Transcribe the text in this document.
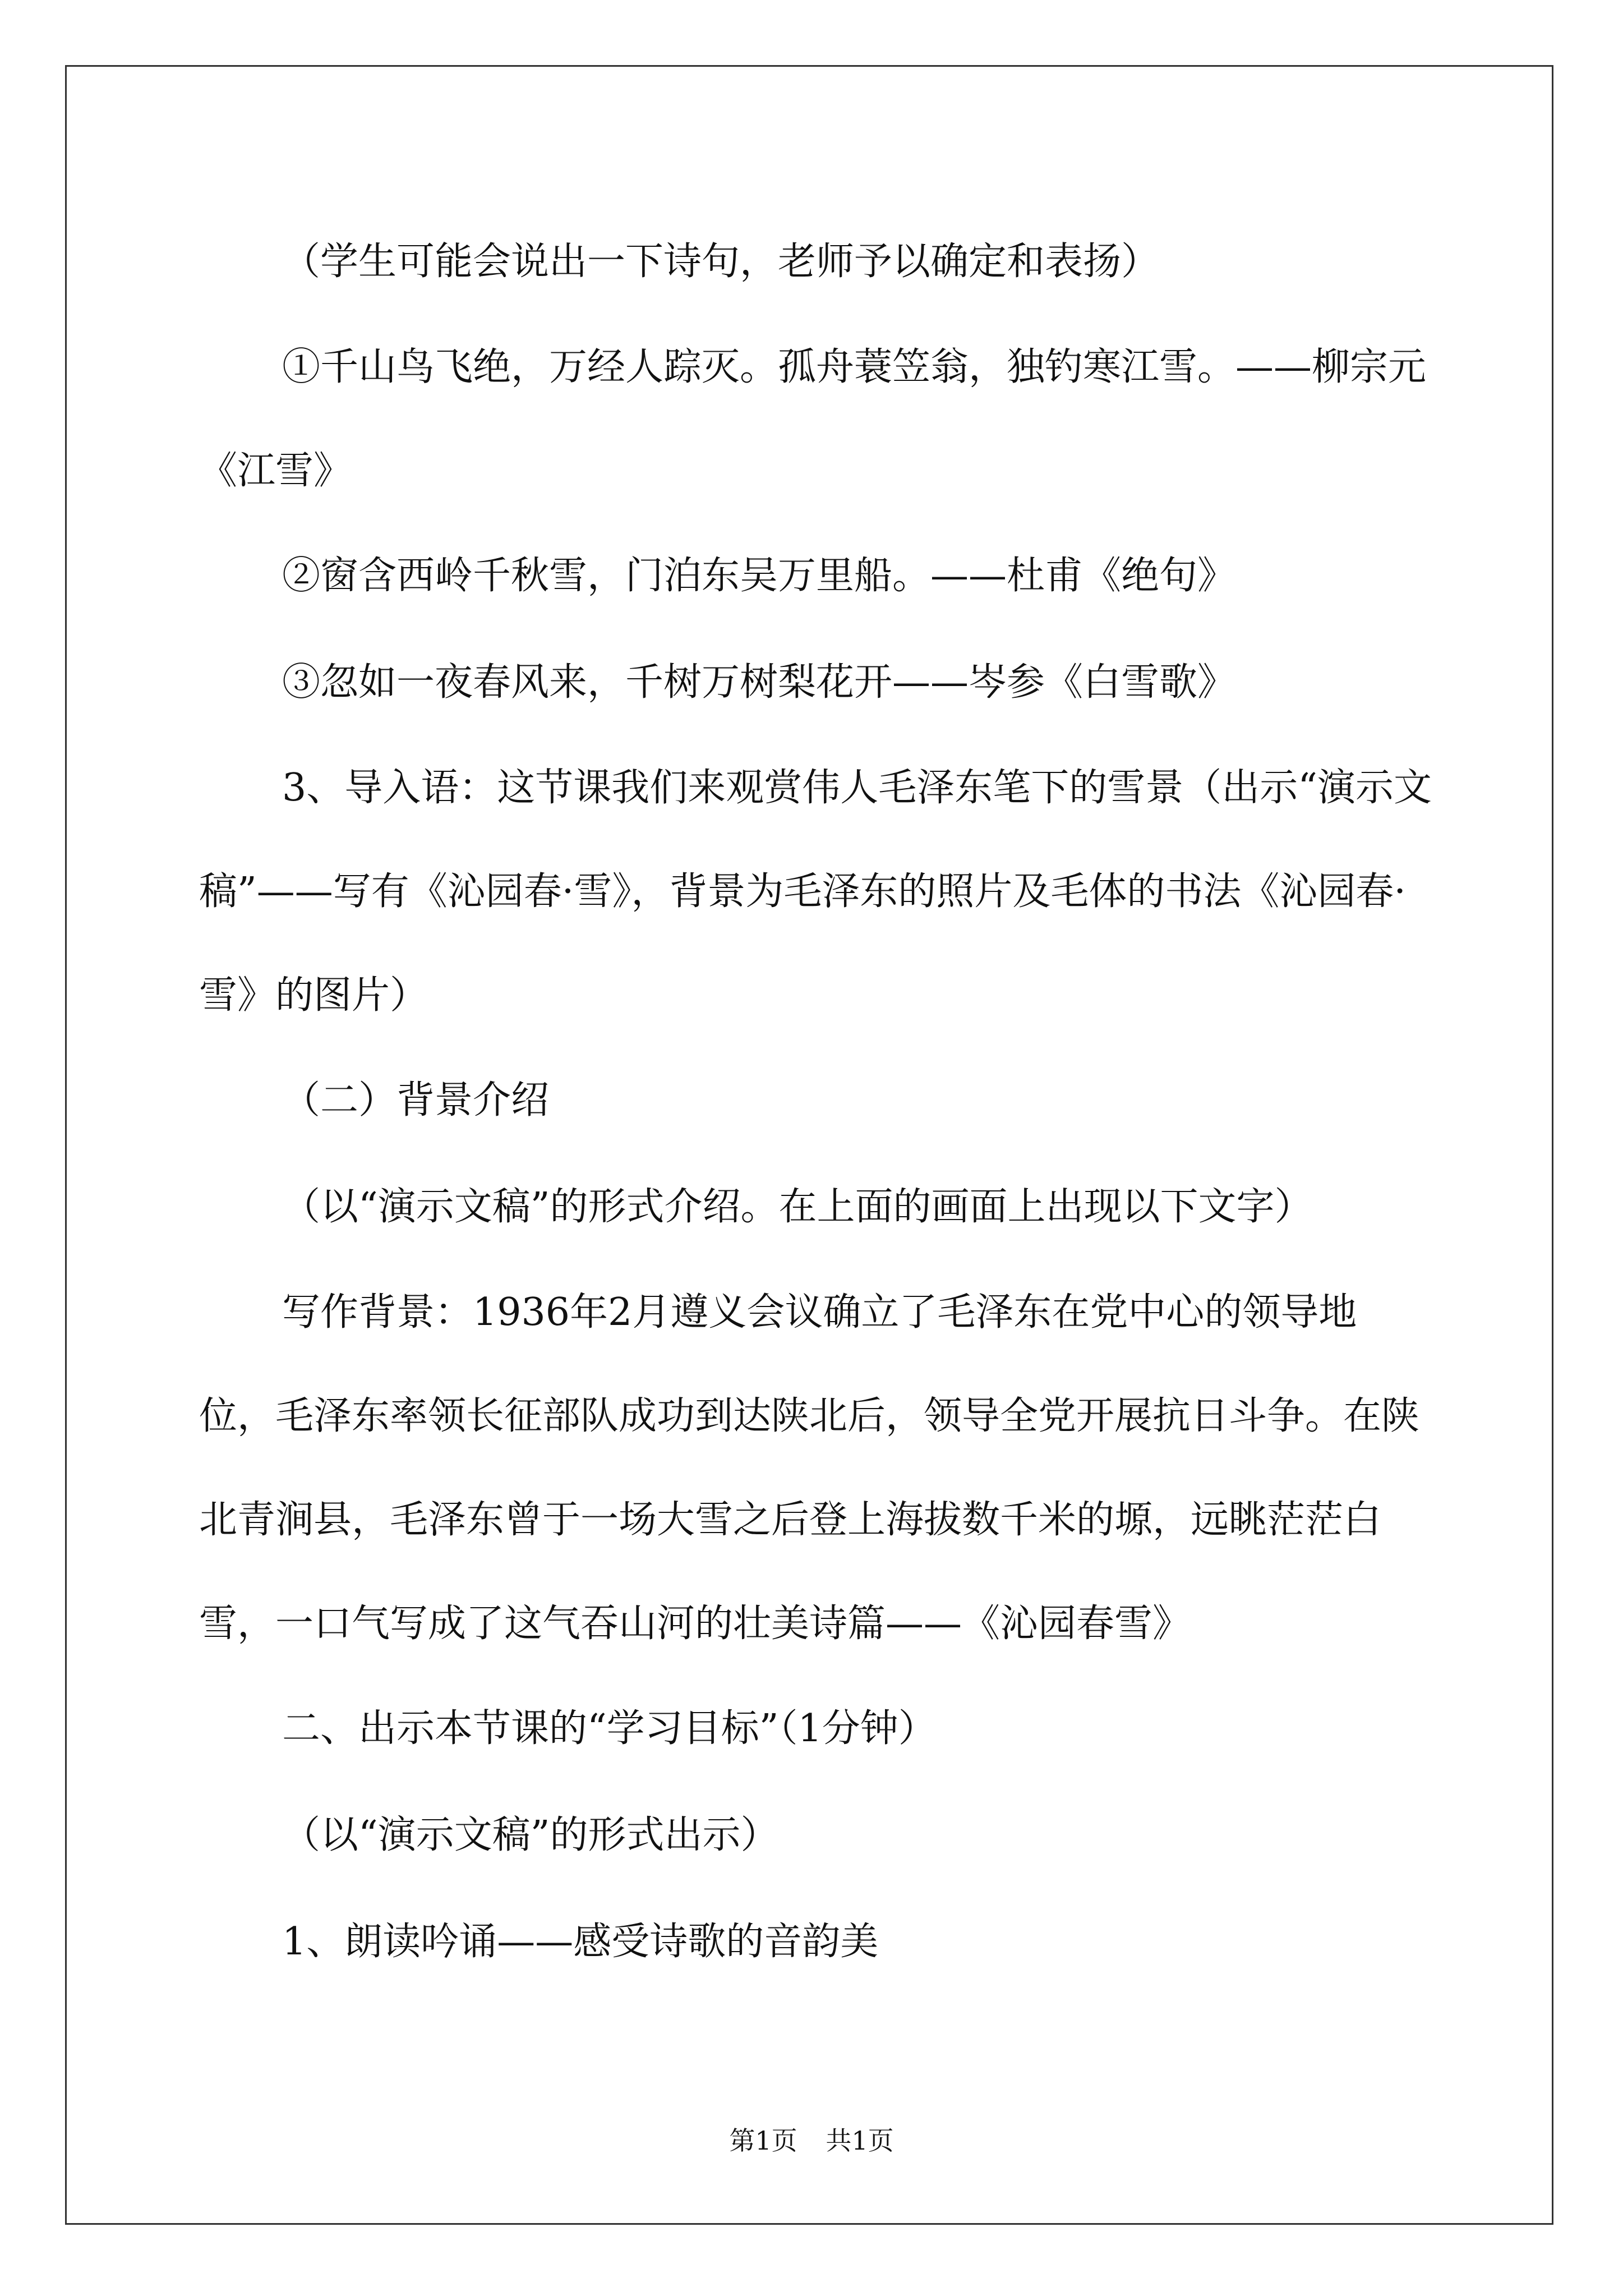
（学生可能会说出一下诗句，老师予以确定和表扬）

①千山鸟飞绝，万经人踪灭。孤舟蓑笠翁，独钓寒江雪。——柳宗元《江雪》

②窗含西岭千秋雪，门泊东吴万里船。——杜甫《绝句》

③忽如一夜春风来，千树万树梨花开——岑参《白雪歌》

3、导入语：这节课我们来观赏伟人毛泽东笔下的雪景（出示“演示文稿”——写有《沁园春·雪》，背景为毛泽东的照片及毛体的书法《沁园春·雪》的图片）

（二）背景介绍

（以“演示文稿”的形式介绍。在上面的画面上出现以下文字）

写作背景：1936年2月遵义会议确立了毛泽东在党中心的领导地位，毛泽东率领长征部队成功到达陕北后，领导全党开展抗日斗争。在陕北青涧县，毛泽东曾于一场大雪之后登上海拔数千米的塬，远眺茫茫白雪，一口气写成了这气吞山河的壮美诗篇——《沁园春雪》

二、出示本节课的“学习目标”（1分钟）

（以“演示文稿”的形式出示）

1、朗读吟诵——感受诗歌的音韵美

第1页 共1页
